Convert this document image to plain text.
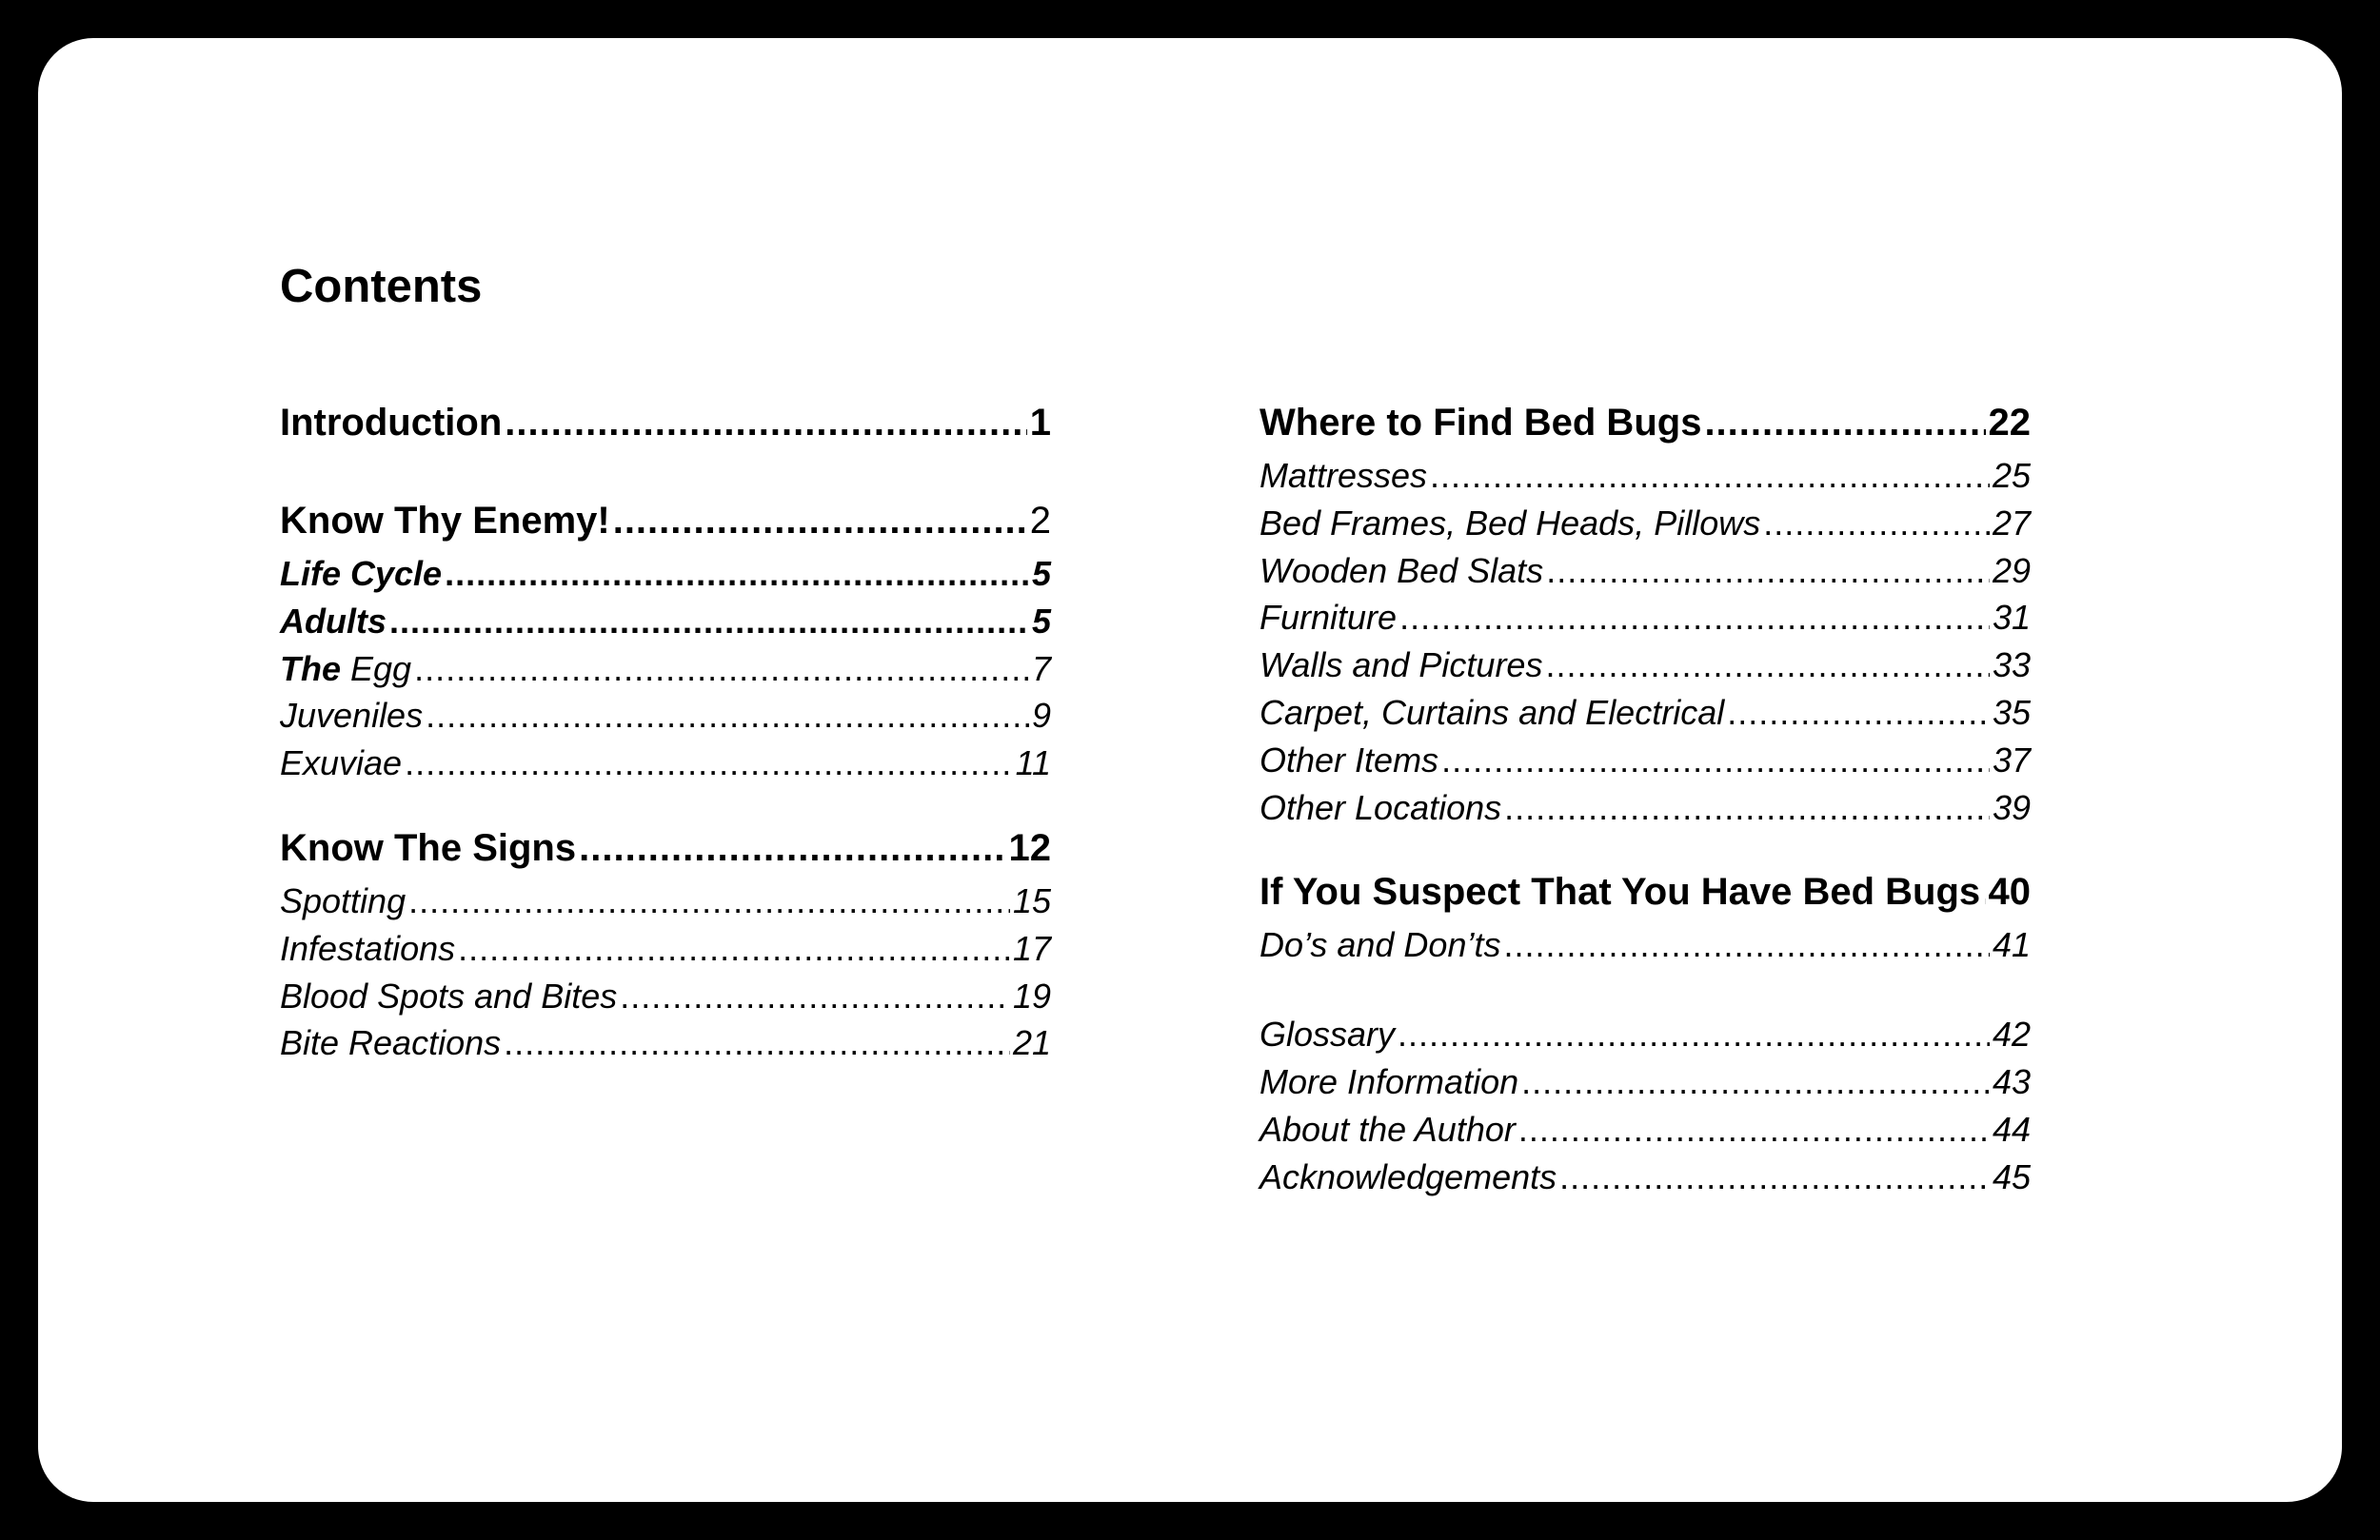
Contents
Introduction .....	1
Know Thy Enemy! .....	2
Life Cycle .....	5
Adults .....	5
The Egg .....	7
Juveniles .....	9
Exuviae .....	11
Know The Signs .....	12
Spotting .....	15
Infestations .....	17
Blood Spots and Bites .....	19
Bite Reactions .....	21
Where to Find Bed Bugs .....	22
Mattresses .....	25
Bed Frames, Bed Heads, Pillows .....	27
Wooden Bed Slats .....	29
Furniture .....	31
Walls and Pictures .....	33
Carpet, Curtains and Electrical .....	35
Other Items .....	37
Other Locations .....	39
If You Suspect That You Have Bed Bugs ..... 40
Do’s and Don’ts .....	41
Glossary .....	42
More Information .....	43
About the Author .....	44
Acknowledgements .....	45
